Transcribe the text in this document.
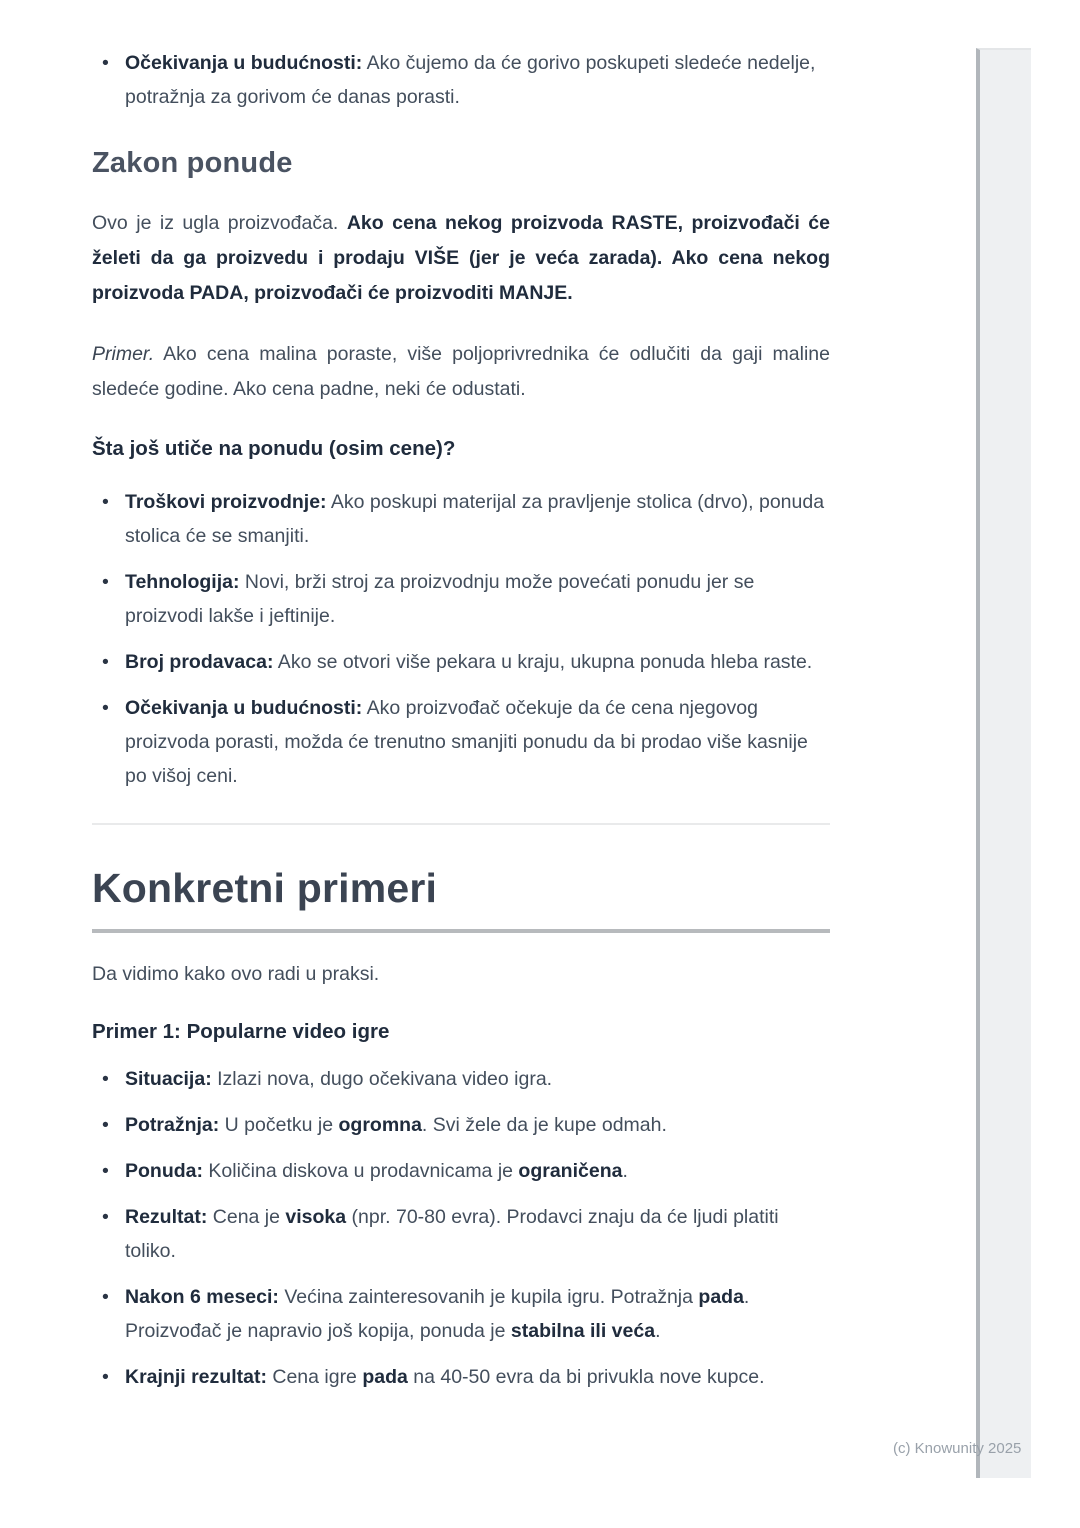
• Očekivanja u budućnosti: Ako čujemo da će gorivo poskupeti sledeće nedelje, potražnja za gorivom će danas porasti.
Zakon ponude

Ovo je iz ugla proizvođača. Ako cena nekog proizvoda RASTE, proizvođači će želeti da ga proizvedu i prodaju VIŠE (jer je veća zarada). Ako cena nekog proizvoda PADA, proizvođači će proizvoditi MANJE.

Primer. Ako cena malina poraste, više poljoprivrednika će odlučiti da gaji maline sledeće godine. Ako cena padne, neki će odustati.

Šta još utiče na ponudu (osim cene)?
• Troškovi proizvodnje: Ako poskupi materijal za pravljenje stolica (drvo), ponuda stolica će se smanjiti.
• Tehnologija: Novi, brži stroj za proizvodnju može povećati ponudu jer se proizvodi lakše i jeftinije.
• Broj prodavaca: Ako se otvori više pekara u kraju, ukupna ponuda hleba raste.
• Očekivanja u budućnosti: Ako proizvođač očekuje da će cena njegovog proizvoda porasti, možda će trenutno smanjiti ponudu da bi prodao više kasnije po višoj ceni.
Konkretni primeri

Da vidimo kako ovo radi u praksi.

Primer 1: Popularne video igre
• Situacija: Izlazi nova, dugo očekivana video igra.
• Potražnja: U početku je ogromna. Svi žele da je kupe odmah.
• Ponuda: Količina diskova u prodavnicama je ograničena.
• Rezultat: Cena je visoka (npr. 70-80 evra). Prodavci znaju da će ljudi platiti toliko.
• Nakon 6 meseci: Većina zainteresovanih je kupila igru. Potražnja pada. Proizvođač je napravio još kopija, ponuda je stabilna ili veća.
• Krajnji rezultat: Cena igre pada na 40-50 evra da bi privukla nove kupce.
(c) Knowunity 2025
